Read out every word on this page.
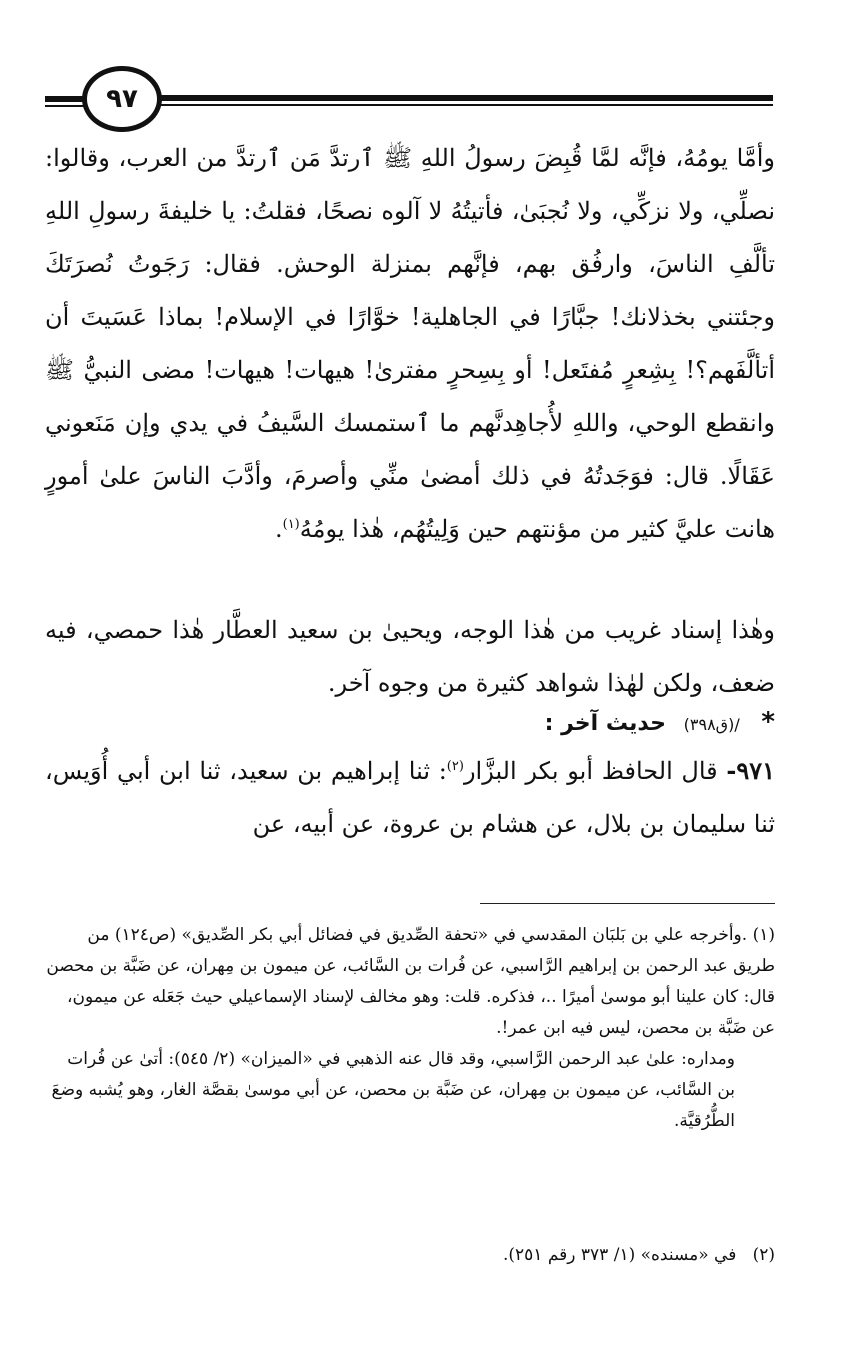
٩٧

وأمَّا يومُهُ، فإنَّه لمَّا قُبِضَ رسولُ اللهِ ﷺ ٱرتدَّ مَن ٱرتدَّ من العرب، وقالوا: نصلِّي، ولا نزكِّي، ولا نُجبَىٰ، فأتيتُهُ لا آلوه نصحًا، فقلتُ: يا خليفةَ رسولِ اللهِ تألَّفِ الناسَ، وارفُق بهم، فإنَّهم بمنزلة الوحش. فقال: رَجَوتُ نُصرَتَكَ وجئتني بخذلانك! جبَّارًا في الجاهلية! خوَّارًا في الإسلام! بماذا عَسَيتَ أن أتألَّفَهم؟! بِشِعرٍ مُفتَعل! أو بِسِحرٍ مفترىٰ! هيهات! هيهات! مضى النبيُّ ﷺ وانقطع الوحي، واللهِ لأُجاهِدنَّهم ما ٱستمسك السَّيفُ في يدي وإن مَنَعوني عَقَالًا. قال: فوَجَدتُهُ في ذلك أمضىٰ منِّي وأصرمَ، وأدَّبَ الناسَ علىٰ أمورٍ هانت عليَّ كثير من مؤنتهم حين وَلِيتُهُم، هٰذا يومُهُ$^{(١)}$.

وهٰذا إسناد غريب من هٰذا الوجه، ويحيىٰ بن سعيد العطَّار هٰذا حمصي، فيه ضعف، ولكن لهٰذا شواهد كثيرة من وجوه آخر.

* /(ق٣٩٨) حديث آخر :

٩٧١- قال الحافظ أبو بكر البزَّار$^{(٢)}$: ثنا إبراهيم بن سعيد، ثنا ابن أبي أُوَيس، ثنا سليمان بن بلال، عن هشام بن عروة، عن أبيه، عن

(١) .وأخرجه علي بن بَلبَان المقدسي في «تحفة الصِّديق في فضائل أبي بكر الصِّديق» (ص١٢٤) من طريق عبد الرحمن بن إبراهيم الرَّاسبي، عن فُرات بن السَّائب، عن ميمون بن مِهران، عن ضَبَّة بن محصن قال: كان علينا أبو موسىٰ أميرًا ..، فذكره. قلت: وهو مخالف لإسناد الإسماعيلي حيث جَعَله عن ميمون، عن ضَبَّة بن محصن، ليس فيه ابن عمر!.

ومداره: علىٰ عبد الرحمن الرَّاسبي، وقد قال عنه الذهبي في «الميزان» (٢/ ٥٤٥): أتىٰ عن فُرات بن السَّائب، عن ميمون بن مِهران، عن ضَبَّة بن محصن، عن أبي موسىٰ بقصَّة الغار، وهو يُشبه وضعَ الطُّرُقيَّة.

(٢)   في «مسنده» (١/ ٣٧٣ رقم ٢٥١).
